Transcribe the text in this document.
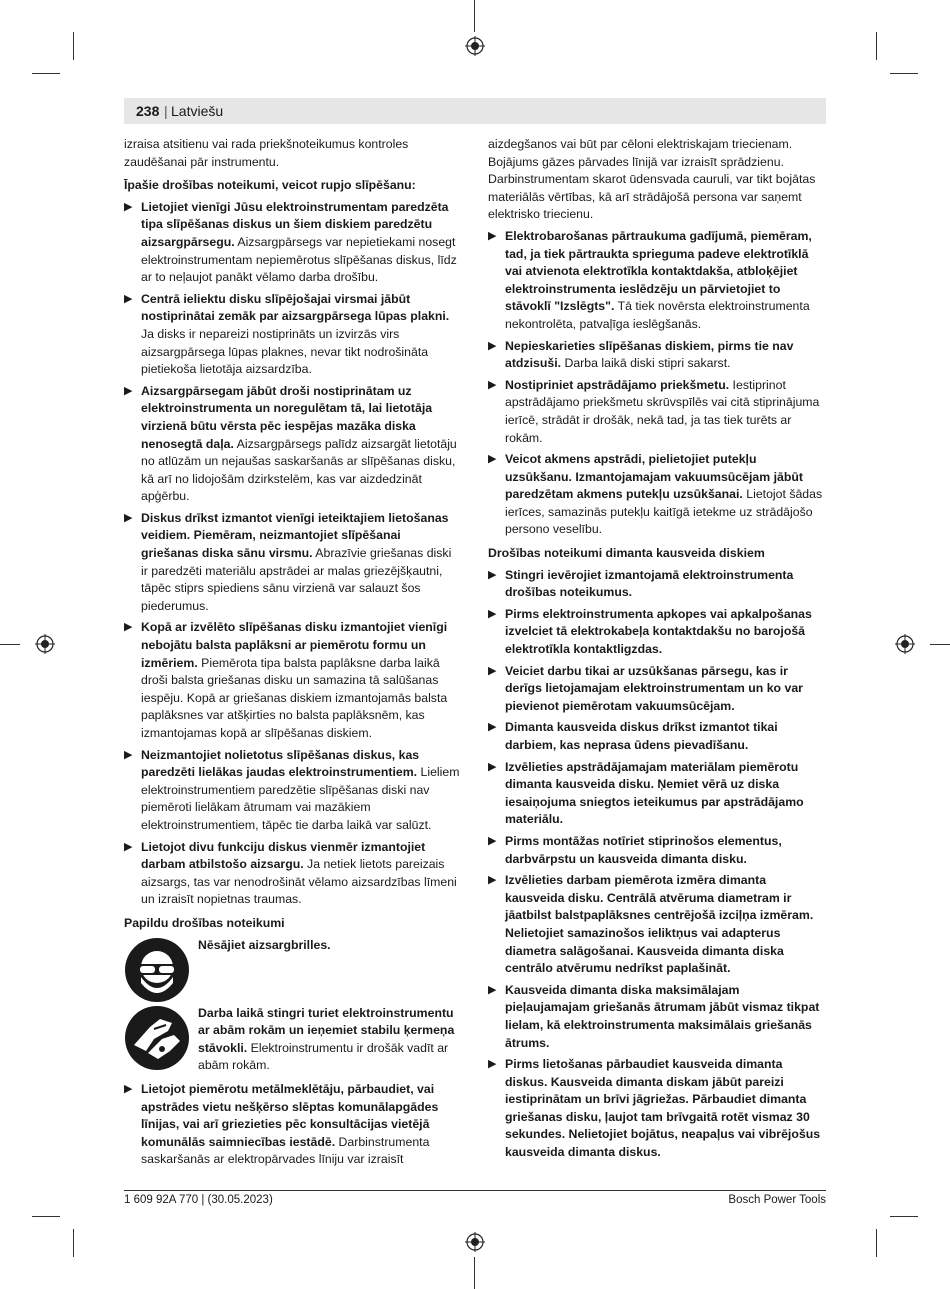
238 | Latviešu

izraisa atsitienu vai rada priekšnoteikumus kontroles zaudēšanai pār instrumentu.

Īpašie drošības noteikumi, veicot rupjo slīpēšanu:
▶ Lietojiet vienīgi Jūsu elektroinstrumentam paredzēta tipa slīpēšanas diskus un šiem diskiem paredzētu aizsargpārsegu. Aizsargpārsegs var nepietiekami nosegt elektroinstrumentam nepiemērotus slīpēšanas diskus, līdz ar to neļaujot panākt vēlamo darba drošību.
▶ Centrā ieliektu disku slīpējošajai virsmai jābūt nostiprinātai zemāk par aizsargpārsega lūpas plakni. Ja disks ir nepareizi nostiprināts un izvirzās virs aizsargpārsega lūpas plaknes, nevar tikt nodrošināta pietiekoša lietotāja aizsardzība.
▶ Aizsargpārsegam jābūt droši nostiprinātam uz elektroinstrumenta un noregulētam tā, lai lietotāja virzienā būtu vērsta pēc iespējas mazāka diska nenosegtā daļa. Aizsargpārsegs palīdz aizsargāt lietotāju no atlūzām un nejaušas saskaršanās ar slīpēšanas disku, kā arī no lidojošām dzirkstelēm, kas var aizdedzināt apģērbu.
▶ Diskus drīkst izmantot vienīgi ieteiktajiem lietošanas veidiem. Piemēram, neizmantojiet slīpēšanai griešanas diska sānu virsmu. Abrazīvie griešanas diski ir paredzēti materiālu apstrādei ar malas griezējšķautni, tāpēc stiprs spiediens sānu virzienā var salauzt šos piederumus.
▶ Kopā ar izvēlēto slīpēšanas disku izmantojiet vienīgi nebojātu balsta paplāksni ar piemērotu formu un izmēriem. Piemērota tipa balsta paplāksne darba laikā droši balsta griešanas disku un samazina tā salūšanas iespēju. Kopā ar griešanas diskiem izmantojamās balsta paplāksnes var atšķirties no balsta paplāksnēm, kas izmantojamas kopā ar slīpēšanas diskiem.
▶ Neizmantojiet nolietotus slīpēšanas diskus, kas paredzēti lielākas jaudas elektroinstrumentiem. Lieliem elektroinstrumentiem paredzētie slīpēšanas diski nav piemēroti lielākam ātrumam vai mazākiem elektroinstrumentiem, tāpēc tie darba laikā var salūzt.
▶ Lietojot divu funkciju diskus vienmēr izmantojiet darbam atbilstošo aizsargu. Ja netiek lietots pareizais aizsargs, tas var nenodrošināt vēlamo aizsardzības līmeni un izraisīt nopietnas traumas.
Papildu drošības noteikumi
Nēsājiet aizsargbrilles.
Darba laikā stingri turiet elektroinstrumentu ar abām rokām un ieņemiet stabilu ķermeņa stāvokli. Elektroinstrumentu ir drošāk vadīt ar abām rokām.
▶ Lietojot piemērotu metālmeklētāju, pārbaudiet, vai apstrādes vietu nešķērso slēptas komunālapgādes līnijas, vai arī griezieties pēc konsultācijas vietējā komunālās saimniecības iestādē. Darbinstrumenta saskaršanās ar elektropārvades līniju var izraisīt

aizdegšanos vai būt par cēloni elektriskajam triecienam. Bojājums gāzes pārvades līnijā var izraisīt sprādzienu. Darbinstrumentam skarot ūdensvada cauruli, var tikt bojātas materiālās vērtības, kā arī strādājošā persona var saņemt elektrisko triecienu.

▶ Elektrobarošanas pārtraukuma gadījumā, piemēram, tad, ja tiek pārtraukta sprieguma padeve elektrotīklā vai atvienota elektrotīkla kontaktdakša, atbloķējiet elektroinstrumenta ieslēdzēju un pārvietojiet to stāvoklī "Izslēgts". Tā tiek novērsta elektroinstrumenta nekontrolēta, patvaļīga ieslēgšanās.
▶ Nepieskarieties slīpēšanas diskiem, pirms tie nav atdzisuši. Darba laikā diski stipri sakarst.
▶ Nostipriniet apstrādājamo priekšmetu. Iestiprinot apstrādājamo priekšmetu skrūvspīlēs vai citā stiprinājuma ierīcē, strādāt ir drošāk, nekā tad, ja tas tiek turēts ar rokām.
▶ Veicot akmens apstrādi, pielietojiet putekļu uzsūkšanu. Izmantojamajam vakuumsūcējam jābūt paredzētam akmens putekļu uzsūkšanai. Lietojot šādas ierīces, samazinās putekļu kaitīgā ietekme uz strādājošo persono veselību.
Drošības noteikumi dimanta kausveida diskiem
▶ Stingri ievērojiet izmantojamā elektroinstrumenta drošības noteikumus.
▶ Pirms elektroinstrumenta apkopes vai apkalpošanas izvelciet tā elektrokabeļa kontaktdakšu no barojošā elektrotīkla kontaktligzdas.
▶ Veiciet darbu tikai ar uzsūkšanas pārsegu, kas ir derīgs lietojamajam elektroinstrumentam un ko var pievienot piemērotam vakuumsūcējam.
▶ Dimanta kausveida diskus drīkst izmantot tikai darbiem, kas neprasa ūdens pievadīšanu.
▶ Izvēlieties apstrādājamajam materiālam piemērotu dimanta kausveida disku. Ņemiet vērā uz diska iesaiņojuma sniegtos ieteikumus par apstrādājamo materiālu.
▶ Pirms montāžas notīriet stiprinošos elementus, darbvārpstu un kausveida dimanta disku.
▶ Izvēlieties darbam piemērota izmēra dimanta kausveida disku. Centrālā atvēruma diametram ir jāatbilst balstpaplāksnes centrējošā izciļņa izmēram. Nelietojiet samazinošos ieliktņus vai adapterus diametra salāgošanai. Kausveida dimanta diska centrālo atvērumu nedrīkst paplašināt.
▶ Kausveida dimanta diska maksimālajam pieļaujamajam griešanās ātrumam jābūt vismaz tikpat lielam, kā elektroinstrumenta maksimālais griešanās ātrums.
▶ Pirms lietošanas pārbaudiet kausveida dimanta diskus. Kausveida dimanta diskam jābūt pareizi iestiprinātam un brīvi jāgriežas. Pārbaudiet dimanta griešanas disku, ļaujot tam brīvgaitā rotēt vismaz 30 sekundes. Nelietojiet bojātus, neapaļus vai vibrējošus kausveida dimanta diskus.
1 609 92A 770 | (30.05.2023)	Bosch Power Tools
